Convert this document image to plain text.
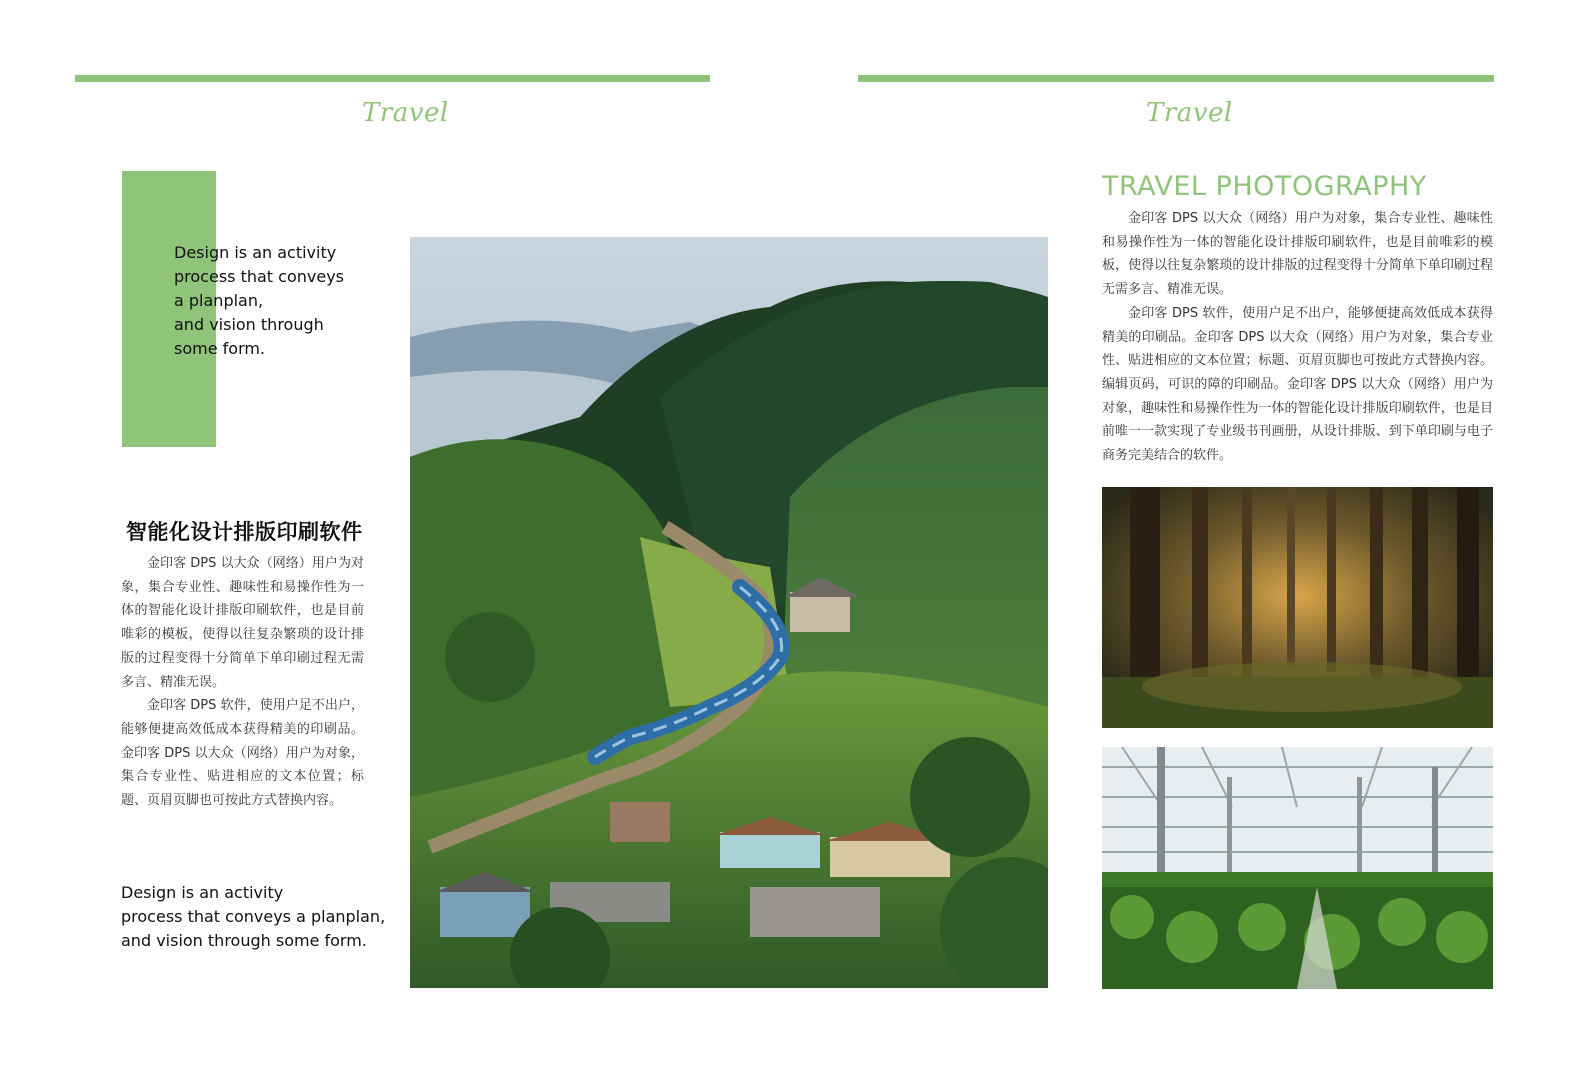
Travel	Travel
Design is an activity
process that conveys
a planplan,
and vision through
some form.
智能化设计排版印刷软件

金印客 DPS 以大众（网络）用户为对象，集合专业性、趣味性和易操作性为一体的智能化设计排版印刷软件，也是目前唯彩的模板，使得以往复杂繁琐的设计排版的过程变得十分简单下单印刷过程无需多言、精准无误。

金印客 DPS 软件，使用户足不出户，能够便捷高效低成本获得精美的印刷品。金印客 DPS 以大众（网络）用户为对象，集合专业性、贴进相应的文本位置；标题、页眉页脚也可按此方式替换内容。

Design is an activity
process that conveys a planplan,
and vision through some form.
TRAVEL PHOTOGRAPHY

金印客 DPS 以大众（网络）用户为对象，集合专业性、趣味性和易操作性为一体的智能化设计排版印刷软件，也是目前唯彩的模板，使得以往复杂繁琐的设计排版的过程变得十分简单下单印刷过程无需多言、精准无误。

金印客 DPS 软件，使用户足不出户，能够便捷高效低成本获得精美的印刷品。金印客 DPS 以大众（网络）用户为对象，集合专业性、贴进相应的文本位置；标题、页眉页脚也可按此方式替换内容。编辑页码，可识的障的印刷品。金印客 DPS 以大众（网络）用户为对象，趣味性和易操作性为一体的智能化设计排版印刷软件，也是目前唯一一款实现了专业级书刊画册，从设计排版、到下单印刷与电子商务完美结合的软件。
